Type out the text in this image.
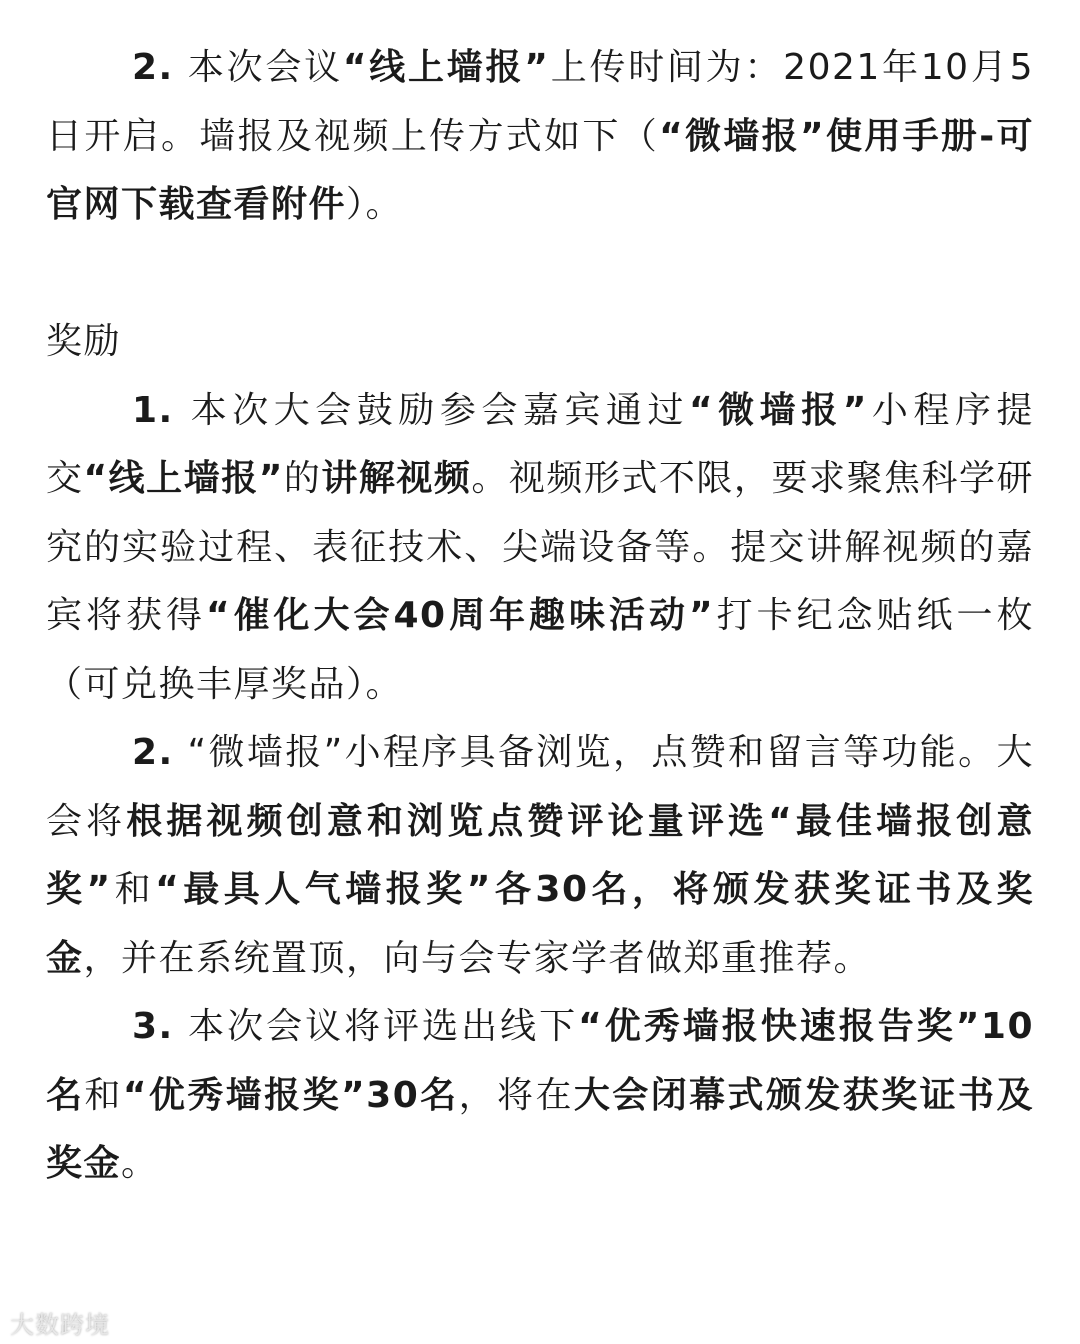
2. 本次会议“线上墙报”上传时间为：2021年10月5日开启。墙报及视频上传方式如下（“微墙报”使用手册-可官网下载查看附件）。

奖励

1. 本次大会鼓励参会嘉宾通过“微墙报”小程序提交“线上墙报”的讲解视频。视频形式不限，要求聚焦科学研究的实验过程、表征技术、尖端设备等。提交讲解视频的嘉宾将获得“催化大会40周年趣味活动”打卡纪念贴纸一枚（可兑换丰厚奖品）。

2. “微墙报”小程序具备浏览，点赞和留言等功能。大会将根据视频创意和浏览点赞评论量评选“最佳墙报创意奖”和“最具人气墙报奖”各30名，将颁发获奖证书及奖金，并在系统置顶，向与会专家学者做郑重推荐。

3. 本次会议将评选出线下“优秀墙报快速报告奖”10名和“优秀墙报奖”30名，将在大会闭幕式颁发获奖证书及奖金。

大数跨境
